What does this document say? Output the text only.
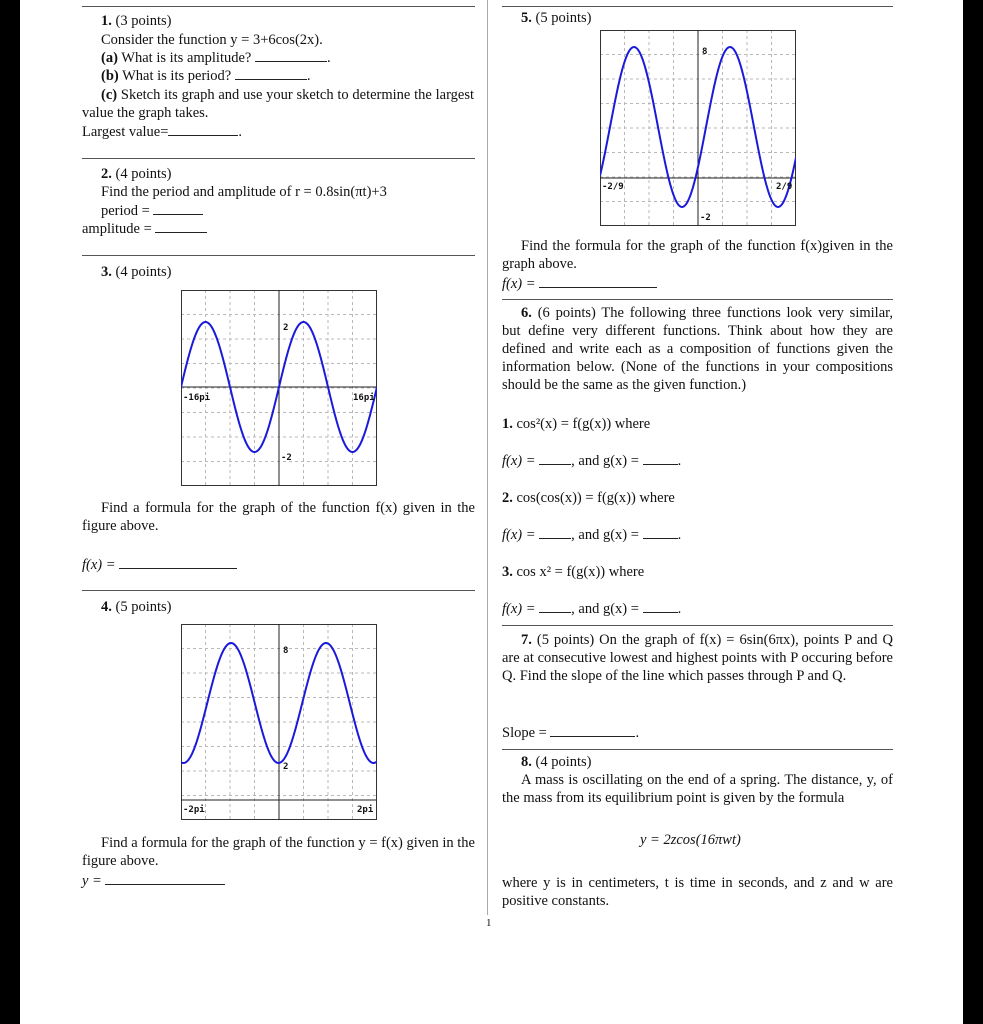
1. (3 points)
Consider the function y = 3+6cos(2x).
(a) What is its amplitude?	.
(b) What is its period?	.
(c) Sketch its graph and use your sketch to determine the largest value the graph takes.
Largest value=	.
2. (4 points)
Find the period and amplitude of r = 0.8sin(πt)+3
period =
amplitude =
3. (4 points)
2
-2
-16pi	16pi
Find a formula for the graph of the function f(x) given in the figure above.
f(x) =
4. (5 points)
8
2
-2pi	2pi
Find a formula for the graph of the function y = f(x) given in the figure above.
y =
5. (5 points)
8
-2
-2/9	2/9
Find the formula for the graph of the function f(x)given in the graph above.
f(x) =
6. (6 points) The following three functions look very similar, but define very different functions. Think about how they are defined and write each as a composition of functions given the information below. (None of the functions in your compositions should be the same as the given function.)
1. cos²(x) = f(g(x)) where
f(x) = , and g(x) =	.
2. cos(cos(x)) = f(g(x)) where
f(x) = , and g(x) =	.
3. cos x² = f(g(x)) where
f(x) = , and g(x) =	.
7. (5 points) On the graph of f(x) = 6sin(6πx), points P and Q are at consecutive lowest and highest points with P occuring before Q. Find the slope of the line which passes through P and Q.
Slope =	.
8. (4 points)
A mass is oscillating on the end of a spring. The distance, y, of the mass from its equilibrium point is given by the formula
y = 2zcos(16πwt)
where y is in centimeters, t is time in seconds, and z and w are positive constants.
1
